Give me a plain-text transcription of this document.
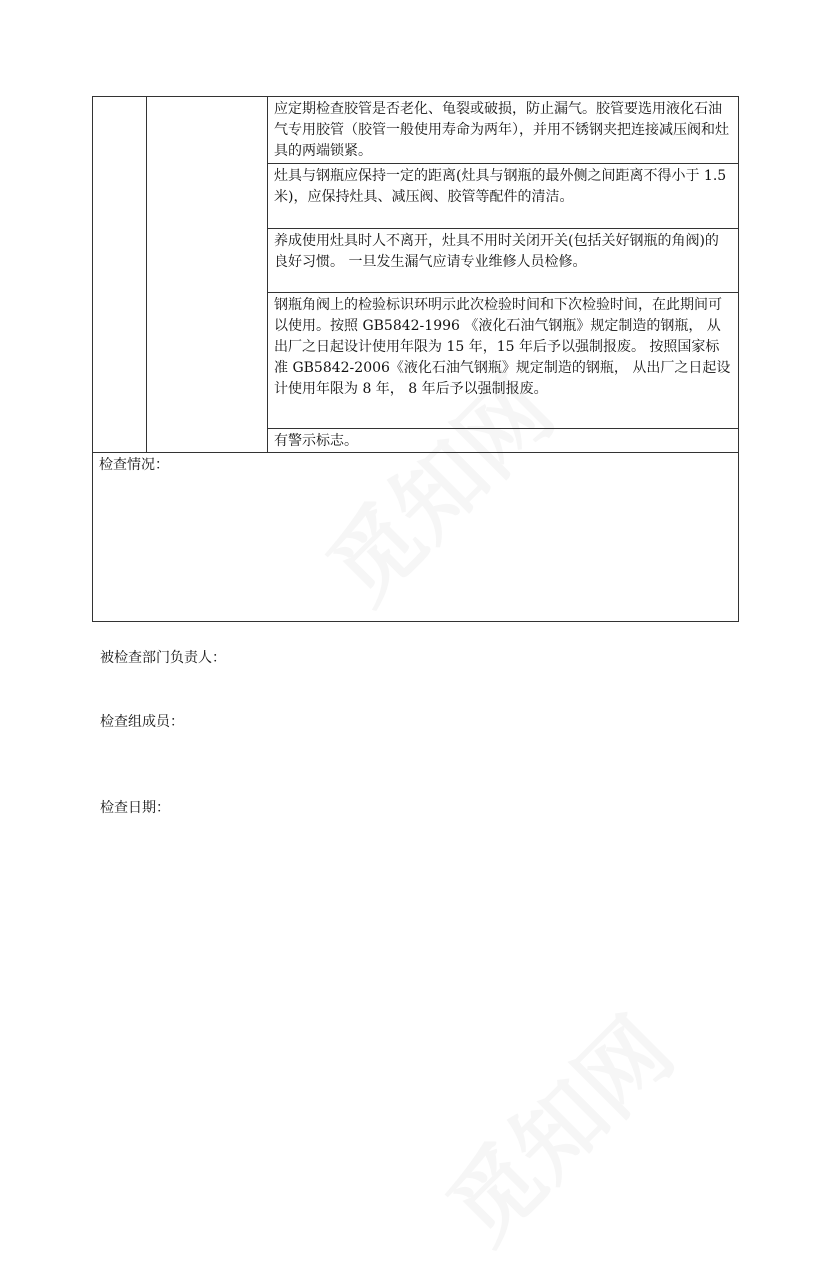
		应定期检查胶管是否老化、龟裂或破损，防止漏气。胶管要选用液化石油气专用胶管（胶管一般使用寿命为两年），并用不锈钢夹把连接减压阀和灶具的两端锁紧。
灶具与钢瓶应保持一定的距离(灶具与钢瓶的最外侧之间距离不得小于 1.5 米)，应保持灶具、减压阀、胶管等配件的清洁。
养成使用灶具时人不离开，灶具不用时关闭开关(包括关好钢瓶的角阀)的良好习惯。 一旦发生漏气应请专业维修人员检修。
钢瓶角阀上的检验标识环明示此次检验时间和下次检验时间，在此期间可以使用。按照 GB5842-1996 《液化石油气钢瓶》规定制造的钢瓶， 从出厂之日起设计使用年限为 15 年，15 年后予以强制报废。 按照国家标准 GB5842-2006《液化石油气钢瓶》规定制造的钢瓶， 从出厂之日起设计使用年限为 8 年， 8 年后予以强制报废。
有警示标志。
检查情况：
被检查部门负责人：
检查组成员：
检查日期：
